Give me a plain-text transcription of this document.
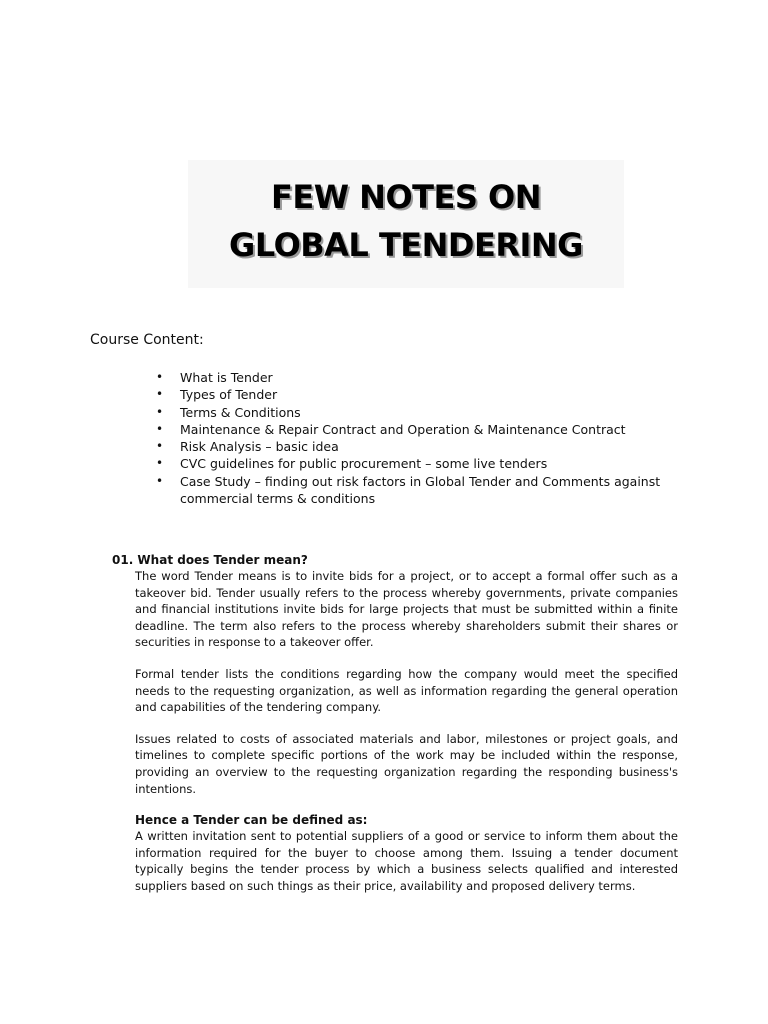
FEW NOTES ON
GLOBAL TENDERING
Course Content:
• What is Tender
• Types of Tender
• Terms & Conditions
• Maintenance & Repair Contract and Operation & Maintenance Contract
• Risk Analysis – basic idea
• CVC guidelines for public procurement – some live tenders
• Case Study – finding out risk factors in Global Tender and Comments against commercial terms & conditions
01. What does Tender mean?

The word Tender means is to invite bids for a project, or to accept a formal offer such as a takeover bid. Tender usually refers to the process whereby governments, private companies and financial institutions invite bids for large projects that must be submitted within a finite deadline. The term also refers to the process whereby shareholders submit their shares or securities in response to a takeover offer.

Formal tender lists the conditions regarding how the company would meet the specified needs to the requesting organization, as well as information regarding the general operation and capabilities of the tendering company.

Issues related to costs of associated materials and labor, milestones or project goals, and timelines to complete specific portions of the work may be included within the response, providing an overview to the requesting organization regarding the responding business's intentions.

Hence a Tender can be defined as:

A written invitation sent to potential suppliers of a good or service to inform them about the information required for the buyer to choose among them. Issuing a tender document typically begins the tender process by which a business selects qualified and interested suppliers based on such things as their price, availability and proposed delivery terms.
